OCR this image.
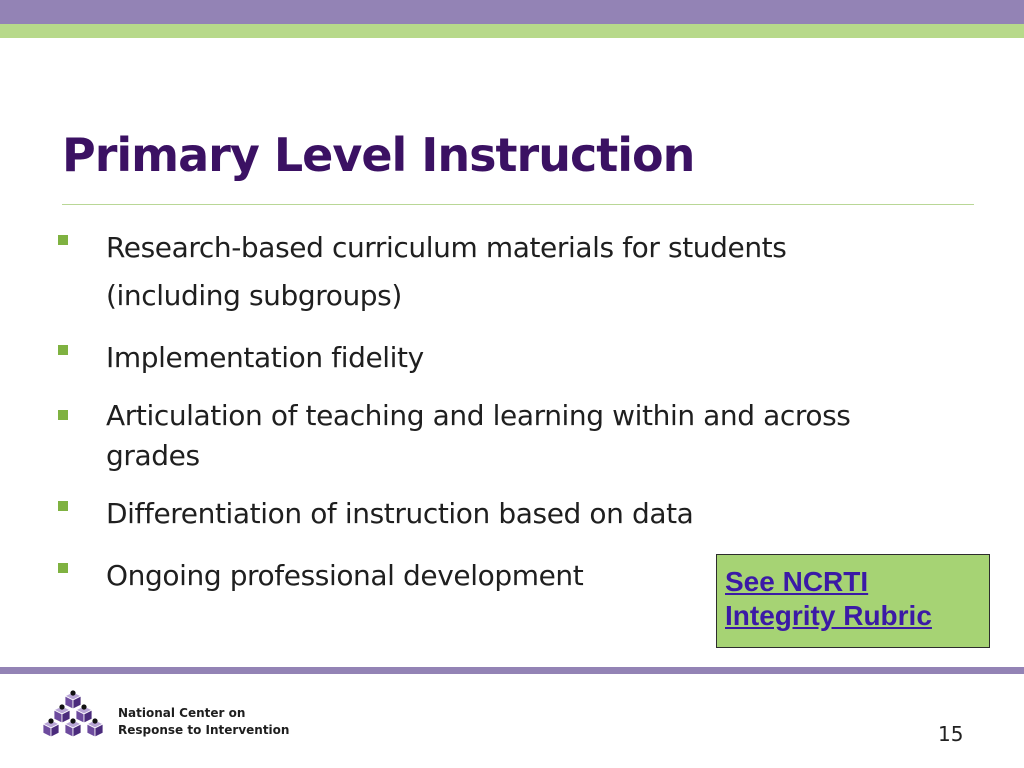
Primary Level Instruction
Research-based curriculum materials for students (including subgroups)
Implementation fidelity
Articulation of teaching and learning within and across grades
Differentiation of instruction based on data
Ongoing professional development	See NCRTI
Integrity Rubric
National Center on
Response to Intervention	15
